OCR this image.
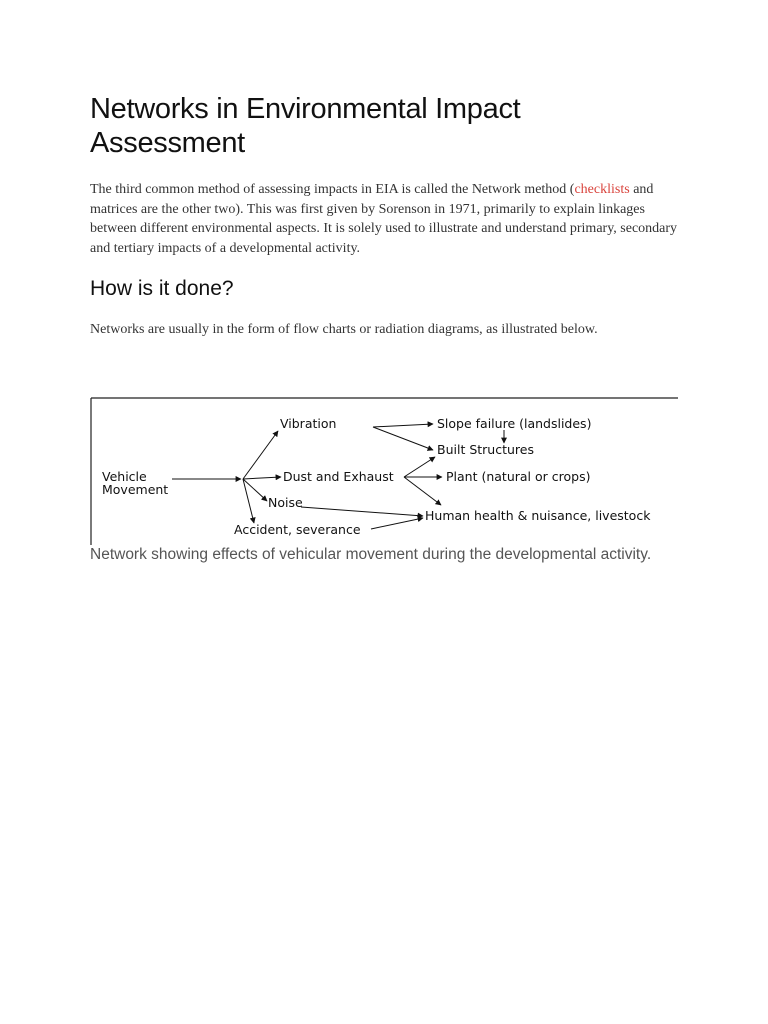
Networks in Environmental Impact Assessment

The third common method of assessing impacts in EIA is called the Network method (checklists and matrices are the other two). This was first given by Sorenson in 1971, primarily to explain linkages between different environmental aspects. It is solely used to illustrate and understand primary, secondary and tertiary impacts of a developmental activity.

How is it done?

Networks are usually in the form of flow charts or radiation diagrams, as illustrated below.

Vehicle
Movement
Vibration
Dust and Exhaust
Noise
Accident, severance
Slope failure (landslides)
Built Structures
Plant (natural or crops)
Human health & nuisance, livestock

Network showing effects of vehicular movement during the developmental activity.
